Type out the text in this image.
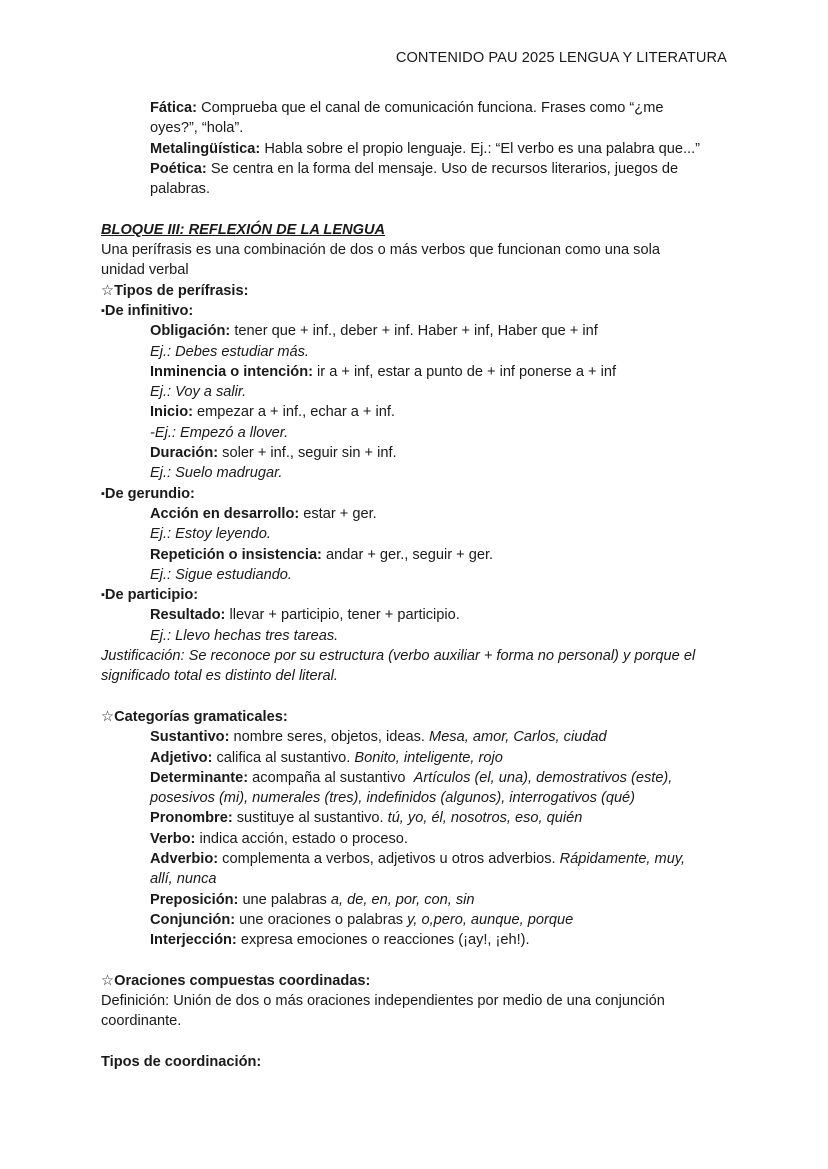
CONTENIDO PAU 2025 LENGUA Y LITERATURA
Fática: Comprueba que el canal de comunicación funciona. Frases como “¿me
oyes?”, “hola”.
Metalingüística: Habla sobre el propio lenguaje. Ej.: “El verbo es una palabra que...”
Poética: Se centra en la forma del mensaje. Uso de recursos literarios, juegos de
palabras.
BLOQUE III: REFLEXIÓN DE LA LENGUA
Una perífrasis es una combinación de dos o más verbos que funcionan como una sola
unidad verbal
☆Tipos de perífrasis:
▪De infinitivo:
Obligación: tener que + inf., deber + inf. Haber + inf, Haber que + inf
Ej.: Debes estudiar más.
Inminencia o intención: ir a + inf, estar a punto de + inf ponerse a + inf
Ej.: Voy a salir.
Inicio: empezar a + inf., echar a + inf.
-Ej.: Empezó a llover.
Duración: soler + inf., seguir sin + inf.
Ej.: Suelo madrugar.
▪De gerundio:
Acción en desarrollo: estar + ger.
Ej.: Estoy leyendo.
Repetición o insistencia: andar + ger., seguir + ger.
Ej.: Sigue estudiando.
▪De participio:
Resultado: llevar + participio, tener + participio.
Ej.: Llevo hechas tres tareas.
Justificación: Se reconoce por su estructura (verbo auxiliar + forma no personal) y porque el
significado total es distinto del literal.
☆Categorías gramaticales:
Sustantivo: nombre seres, objetos, ideas. Mesa, amor, Carlos, ciudad
Adjetivo: califica al sustantivo. Bonito, inteligente, rojo
Determinante: acompaña al sustantivo  Artículos (el, una), demostrativos (este),
posesivos (mi), numerales (tres), indefinidos (algunos), interrogativos (qué)
Pronombre: sustituye al sustantivo. tú, yo, él, nosotros, eso, quién
Verbo: indica acción, estado o proceso.
Adverbio: complementa a verbos, adjetivos u otros adverbios. Rápidamente, muy,
allí, nunca
Preposición: une palabras a, de, en, por, con, sin
Conjunción: une oraciones o palabras y, o,pero, aunque, porque
Interjección: expresa emociones o reacciones (¡ay!, ¡eh!).
☆Oraciones compuestas coordinadas:
Definición: Unión de dos o más oraciones independientes por medio de una conjunción
coordinante.
Tipos de coordinación:
